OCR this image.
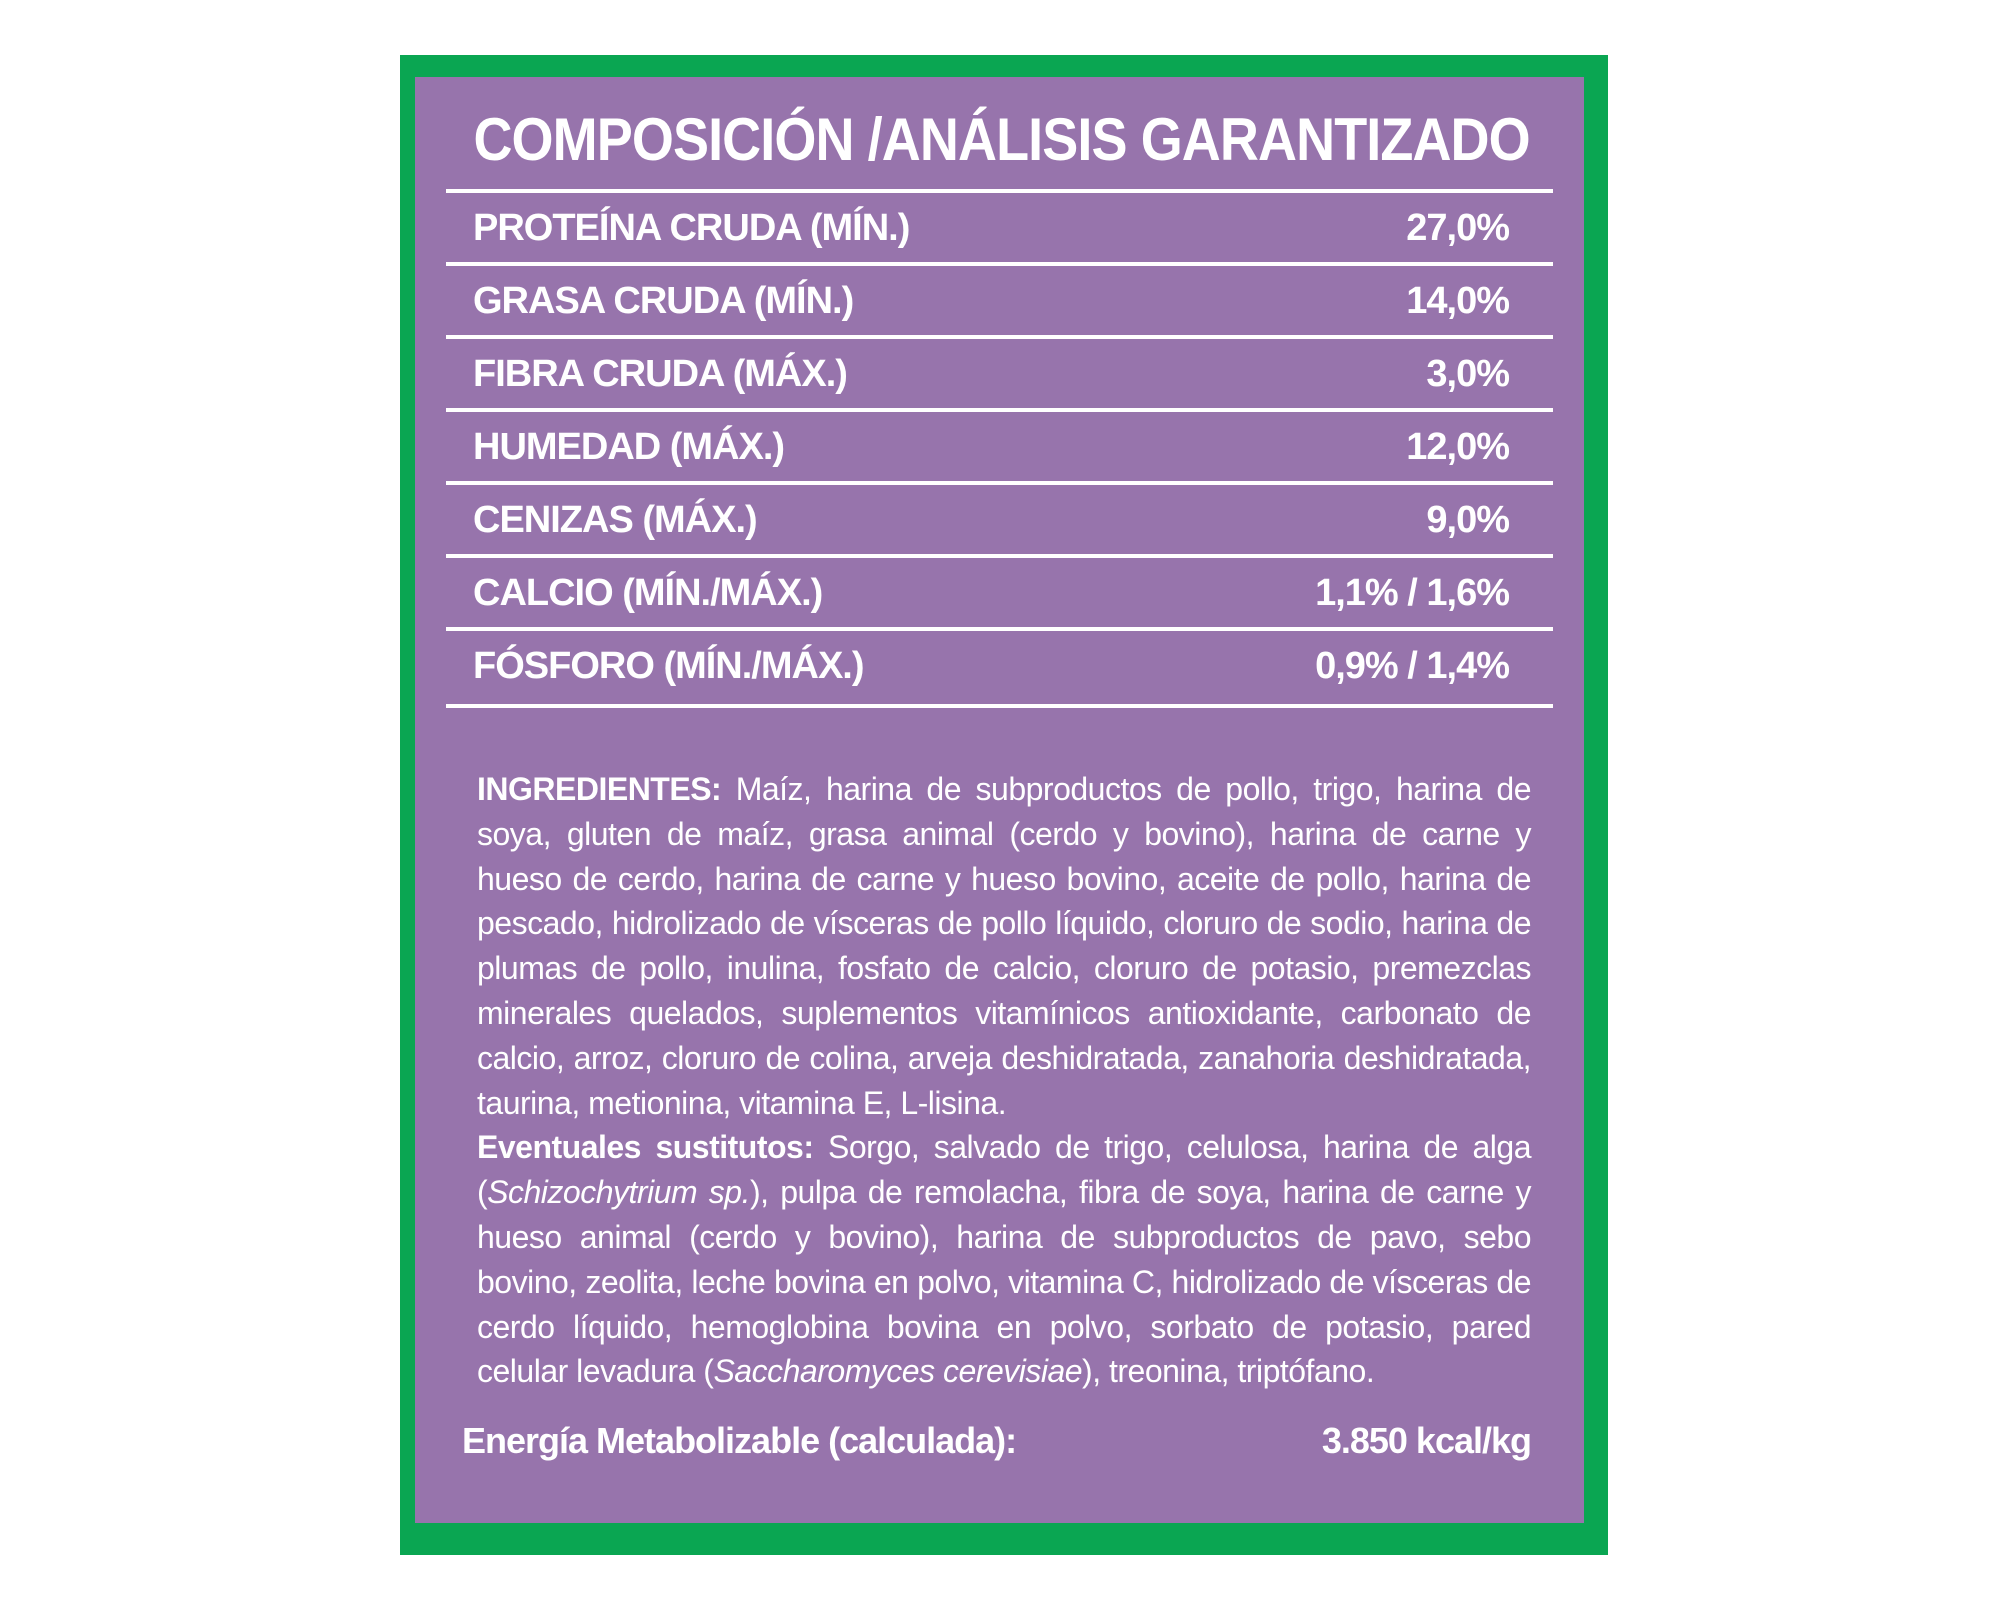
COMPOSICIÓN /ANÁLISIS GARANTIZADO
PROTEÍNA CRUDA (MÍN.)	27,0%
GRASA CRUDA (MÍN.)	14,0%
FIBRA CRUDA (MÁX.)	3,0%
HUMEDAD (MÁX.)	12,0%
CENIZAS (MÁX.)	9,0%
CALCIO (MÍN./MÁX.)	1,1% / 1,6%
FÓSFORO (MÍN./MÁX.)	0,9% / 1,4%
INGREDIENTES: Maíz, harina de subproductos de pollo, trigo, harina de soya, gluten de maíz, grasa animal (cerdo y bovino), harina de carne y hueso de cerdo, harina de carne y hueso bovino, aceite de pollo, harina de pescado, hidrolizado de vísceras de pollo líquido, cloruro de sodio, harina de plumas de pollo, inulina, fosfato de calcio, cloruro de potasio, premezclas minerales quelados, suplementos vitamínicos antioxidante, carbonato de calcio, arroz, cloruro de colina, arveja deshidratada, zanahoria deshidratada, taurina, metionina, vitamina E, L-lisina.
Eventuales sustitutos: Sorgo, salvado de trigo, celulosa, harina de alga (Schizochytrium sp.), pulpa de remolacha, fibra de soya, harina de carne y hueso animal (cerdo y bovino), harina de subproductos de pavo, sebo bovino, zeolita, leche bovina en polvo, vitamina C, hidrolizado de vísceras de cerdo líquido, hemoglobina bovina en polvo, sorbato de potasio, pared celular levadura (Saccharomyces cerevisiae), treonina, triptófano.
Energía Metabolizable (calculada):	3.850 kcal/kg
